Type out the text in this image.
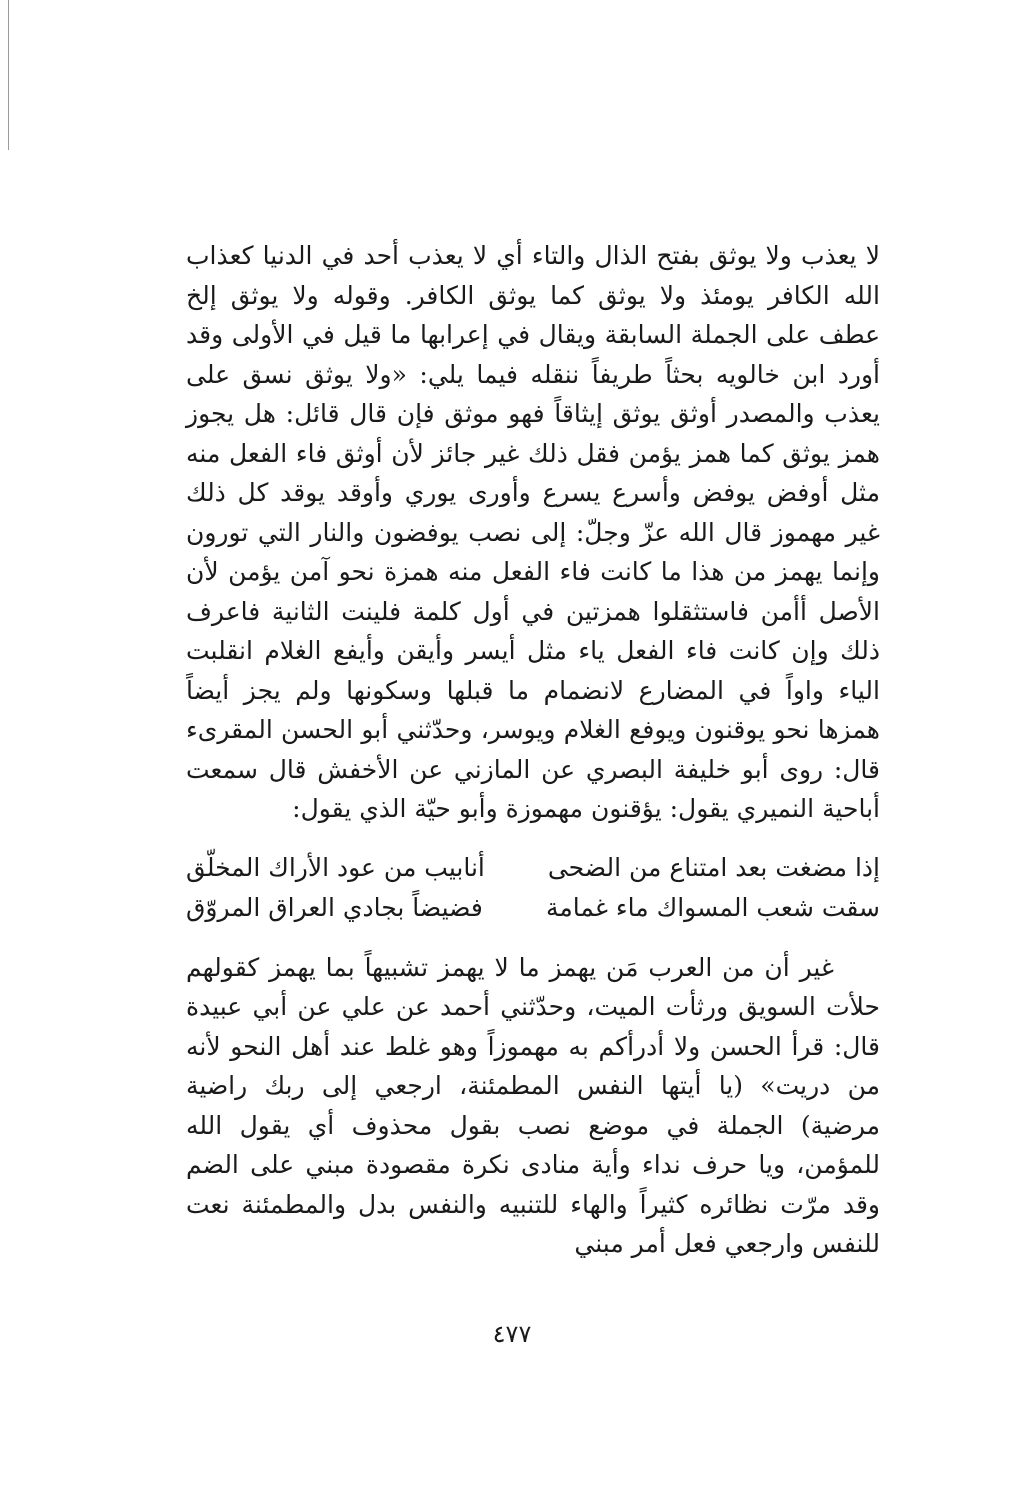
لا يعذب ولا يوثق بفتح الذال والتاء أي لا يعذب أحد في الدنيا كعذاب الله الكافر يومئذ ولا يوثق كما يوثق الكافر. وقوله ولا يوثق إلخ عطف على الجملة السابقة ويقال في إعرابها ما قيل في الأولى وقد أورد ابن خالويه بحثاً طريفاً ننقله فيما يلي: «ولا يوثق نسق على يعذب والمصدر أوثق يوثق إيثاقاً فهو موثق فإن قال قائل: هل يجوز همز يوثق كما همز يؤمن فقل ذلك غير جائز لأن أوثق فاء الفعل منه مثل أوفض يوفض وأسرع يسرع وأورى يوري وأوقد يوقد كل ذلك غير مهموز قال الله عزّ وجلّ: إلى نصب يوفضون والنار التي تورون وإنما يهمز من هذا ما كانت فاء الفعل منه همزة نحو آمن يؤمن لأن الأصل أأمن فاستثقلوا همزتين في أول كلمة فلينت الثانية فاعرف ذلك وإن كانت فاء الفعل ياء مثل أيسر وأيقن وأيفع الغلام انقلبت الياء واواً في المضارع لانضمام ما قبلها وسكونها ولم يجز أيضاً همزها نحو يوقنون ويوفع الغلام ويوسر، وحدّثني أبو الحسن المقرىء قال: روى أبو خليفة البصري عن المازني عن الأخفش قال سمعت أباحية النميري يقول: يؤقنون مهموزة وأبو حيّة الذي يقول:

إذا مضغت بعد امتناع من الضحى
أنابيب من عود الأراك المخلّق
سقت شعب المسواك ماء غمامة
فضيضاً بجادي العراق المروّق

غير أن من العرب مَن يهمز ما لا يهمز تشبيهاً بما يهمز كقولهم حلأت السويق ورثأت الميت، وحدّثني أحمد عن علي عن أبي عبيدة قال: قرأ الحسن ولا أدرأكم به مهموزاً وهو غلط عند أهل النحو لأنه من دريت» (يا أيتها النفس المطمئنة، ارجعي إلى ربك راضية مرضية) الجملة في موضع نصب بقول محذوف أي يقول الله للمؤمن، ويا حرف نداء وأية منادى نكرة مقصودة مبني على الضم وقد مرّت نظائره كثيراً والهاء للتنبيه والنفس بدل والمطمئنة نعت للنفس وارجعي فعل أمر مبني

٤٧٧
